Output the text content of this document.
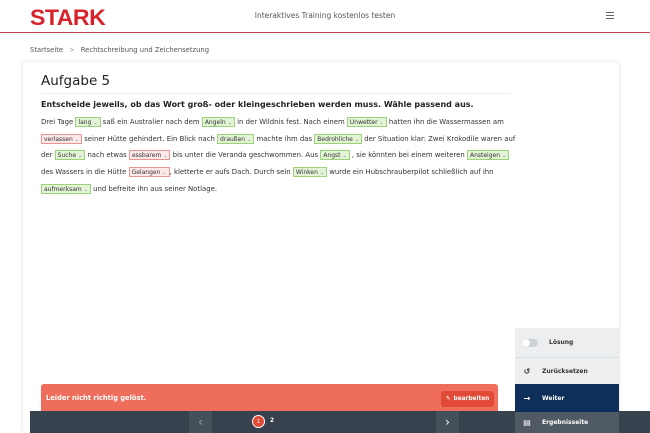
STARK	Interaktives Training kostenlos testen
Startseite > Rechtschreibung und Zeichensetzung
Aufgabe 5
Entscheide jeweils, ob das Wort groß- oder kleingeschrieben werden muss. Wähle passend aus.
Drei Tage lang ⌄ saß ein Australier nach dem Angeln ⌄ in der Wildnis fest. Nach einem Unwetter ⌄ hatten ihn die Wassermassen am verlassen ⌄ seiner Hütte gehindert. Ein Blick nach draußen ⌄ machte ihm das Bedrohliche ⌄ der Situation klar: Zwei Krokodile waren auf der Suche ⌄ nach etwas essbarem ⌄ bis unter die Veranda geschwommen. Aus Angst ⌄ , sie könnten bei einem weiteren Ansteigen ⌄ des Wassers in die Hütte Gelangen ⌄ , kletterte er aufs Dach. Durch sein Winken ⌄ wurde ein Hubschrauberpilot schließlich auf ihn aufmerksam ⌄ und befreite ihn aus seiner Notlage.
Leider nicht richtig gelöst.	✎ bearbeiten
‹	1	2	›
Lösung
↺ Zurücksetzen
→ Weiter
▤ Ergebnisseite
